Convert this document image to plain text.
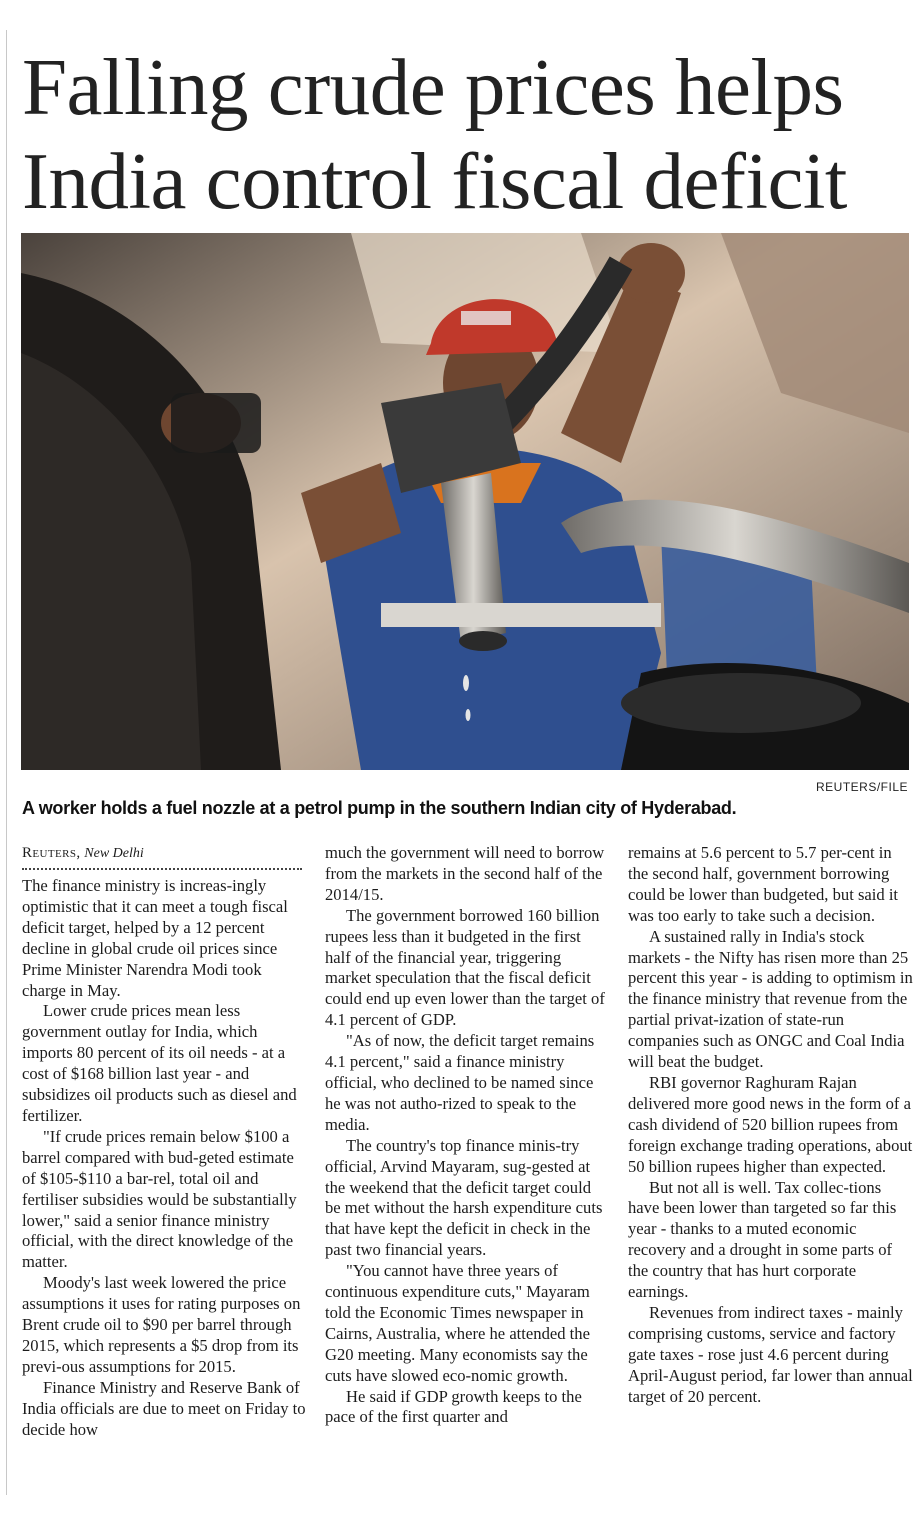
Falling crude prices helps India control fiscal deficit
REUTERS/FILE

A worker holds a fuel nozzle at a petrol pump in the southern Indian city of Hyderabad.

Reuters, New Delhi

The finance ministry is increas-ingly optimistic that it can meet a tough fiscal deficit target, helped by a 12 percent decline in global crude oil prices since Prime Minister Narendra Modi took charge in May.

Lower crude prices mean less government outlay for India, which imports 80 percent of its oil needs - at a cost of $168 billion last year - and subsidizes oil products such as diesel and fertilizer.

"If crude prices remain below $100 a barrel compared with bud-geted estimate of $105-$110 a bar-rel, total oil and fertiliser subsidies would be substantially lower," said a senior finance ministry official, with the direct knowledge of the matter.

Moody's last week lowered the price assumptions it uses for rating purposes on Brent crude oil to $90 per barrel through 2015, which represents a $5 drop from its previ-ous assumptions for 2015.

Finance Ministry and Reserve Bank of India officials are due to meet on Friday to decide how

much the government will need to borrow from the markets in the second half of the 2014/15.

The government borrowed 160 billion rupees less than it budgeted in the first half of the financial year, triggering market speculation that the fiscal deficit could end up even lower than the target of 4.1 percent of GDP.

"As of now, the deficit target remains 4.1 percent," said a finance ministry official, who declined to be named since he was not autho-rized to speak to the media.

The country's top finance minis-try official, Arvind Mayaram, sug-gested at the weekend that the deficit target could be met without the harsh expenditure cuts that have kept the deficit in check in the past two financial years.

"You cannot have three years of continuous expenditure cuts," Mayaram told the Economic Times newspaper in Cairns, Australia, where he attended the G20 meeting. Many economists say the cuts have slowed eco-nomic growth.

He said if GDP growth keeps to the pace of the first quarter and

remains at 5.6 percent to 5.7 per-cent in the second half, government borrowing could be lower than budgeted, but said it was too early to take such a decision.

A sustained rally in India's stock markets - the Nifty has risen more than 25 percent this year - is adding to optimism in the finance ministry that revenue from the partial privat-ization of state-run companies such as ONGC and Coal India will beat the budget.

RBI governor Raghuram Rajan delivered more good news in the form of a cash dividend of 520 billion rupees from foreign exchange trading operations, about 50 billion rupees higher than expected.

But not all is well. Tax collec-tions have been lower than targeted so far this year - thanks to a muted economic recovery and a drought in some parts of the country that has hurt corporate earnings.

Revenues from indirect taxes - mainly comprising customs, service and factory gate taxes - rose just 4.6 percent during April-August period, far lower than annual target of 20 percent.
